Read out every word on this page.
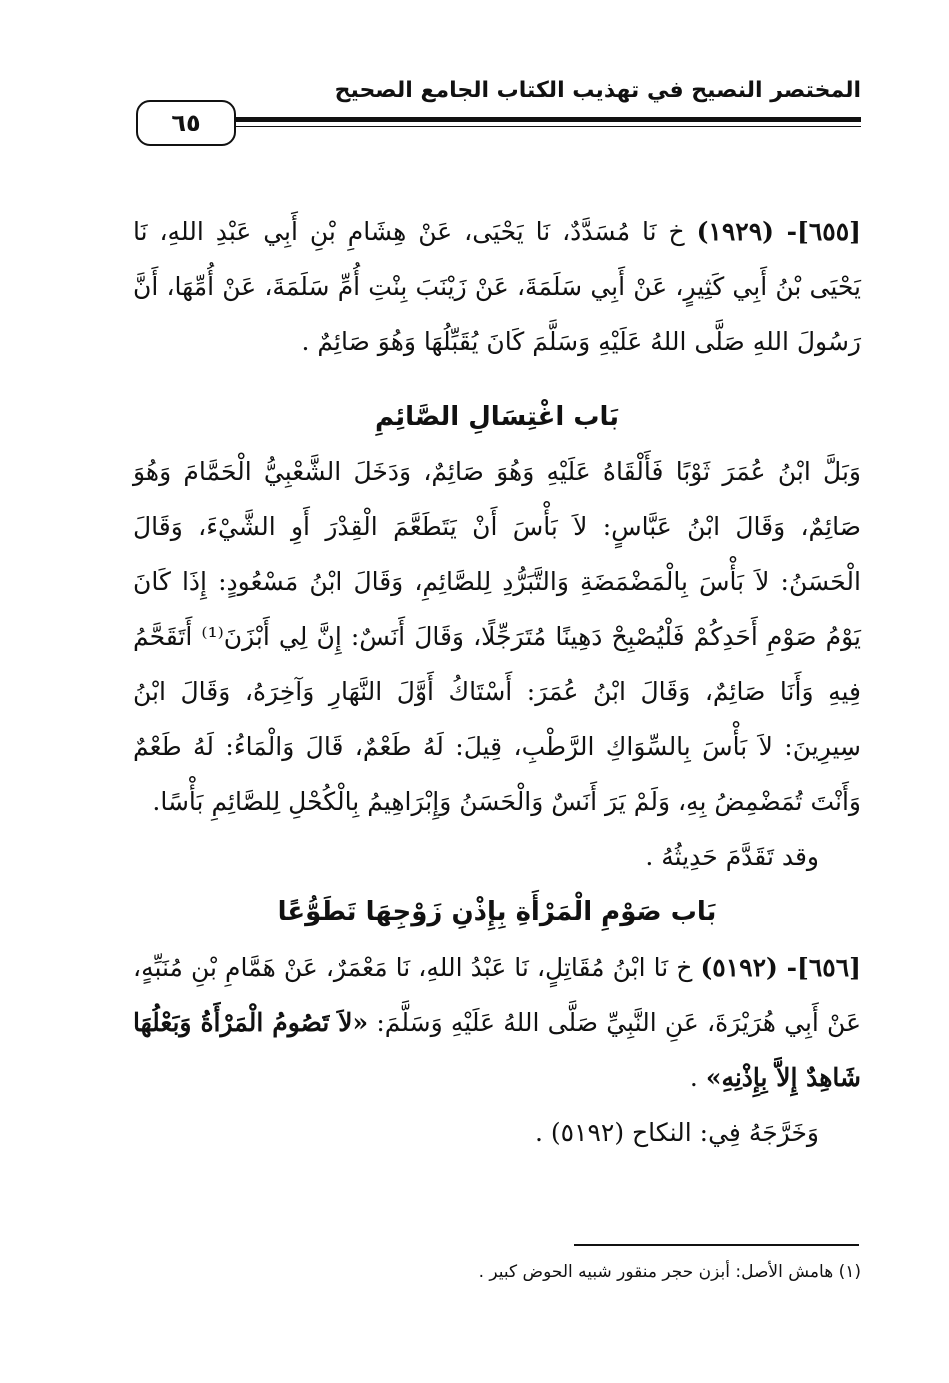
المختصر النصيح في تهذيب الكتاب الجامع الصحيح
٦٥
[٦٥٥]- (١٩٢٩) خ نَا مُسَدَّدٌ، نَا يَحْيَى، عَنْ هِشَامِ بْنِ أَبِي عَبْدِ اللهِ، نَا يَحْيَى بْنُ أَبِي كَثِيرٍ، عَنْ أَبِي سَلَمَةَ، عَنْ زَيْنَبَ بِنْتِ أُمِّ سَلَمَةَ، عَنْ أُمِّهَا، أَنَّ رَسُولَ اللهِ صَلَّى اللهُ عَلَيْهِ وَسَلَّمَ كَانَ يُقَبِّلُهَا وَهُوَ صَائِمٌ .
بَاب اغْتِسَالِ الصَّائِمِ
وَبَلَّ ابْنُ عُمَرَ ثَوْبًا فَأَلْقَاهُ عَلَيْهِ وَهُوَ صَائِمٌ، وَدَخَلَ الشَّعْبِيُّ الْحَمَّامَ وَهُوَ صَائِمٌ، وَقَالَ ابْنُ عَبَّاسٍ: لاَ بَأْسَ أَنْ يَتَطَعَّمَ الْقِدْرَ أَوِ الشَّيْءَ، وَقَالَ الْحَسَنُ: لاَ بَأْسَ بِالْمَضْمَضَةِ وَالتَّبَرُّدِ لِلصَّائِمِ، وَقَالَ ابْنُ مَسْعُودٍ: إِذَا كَانَ يَوْمُ صَوْمِ أَحَدِكُمْ فَلْيُصْبِحْ دَهِينًا مُتَرَجِّلًا، وَقَالَ أَنَسٌ: إِنَّ لِي أَبْزَنَ⁽¹⁾ أَتَقَحَّمُ فِيهِ وَأَنَا صَائِمٌ، وَقَالَ ابْنُ عُمَرَ: أَسْتَاكُ أَوَّلَ النَّهَارِ وَآخِرَهُ، وَقَالَ ابْنُ سِيرِينَ: لاَ بَأْسَ بِالسِّوَاكِ الرَّطْبِ، قِيلَ: لَهُ طَعْمٌ، قَالَ وَالْمَاءُ: لَهُ طَعْمٌ وَأَنْتَ تُمَضْمِضُ بِهِ، وَلَمْ يَرَ أَنَسٌ وَالْحَسَنُ وَإِبْرَاهِيمُ بِالْكُحْلِ لِلصَّائِمِ بَأْسًا.
وقد تَقَدَّمَ حَدِيثُهُ .
بَاب صَوْمِ الْمَرْأَةِ بِإِذْنِ زَوْجِهَا تَطَوُّعًا
[٦٥٦]- (٥١٩٢) خ نَا ابْنُ مُقَاتِلٍ، نَا عَبْدُ اللهِ، نَا مَعْمَرٌ، عَنْ هَمَّامِ بْنِ مُنَبِّهٍ، عَنْ أَبِي هُرَيْرَةَ، عَنِ النَّبِيِّ صَلَّى اللهُ عَلَيْهِ وَسَلَّمَ: «لاَ تَصُومُ الْمَرْأَةُ وَبَعْلُهَا شَاهِدٌ إِلاَّ بِإِذْنِهِ» .
وَخَرَّجَهُ فِي: النكاح (٥١٩٢) .
(١) هامش الأصل: أبزن حجر منقور شبيه الحوض كبير .
